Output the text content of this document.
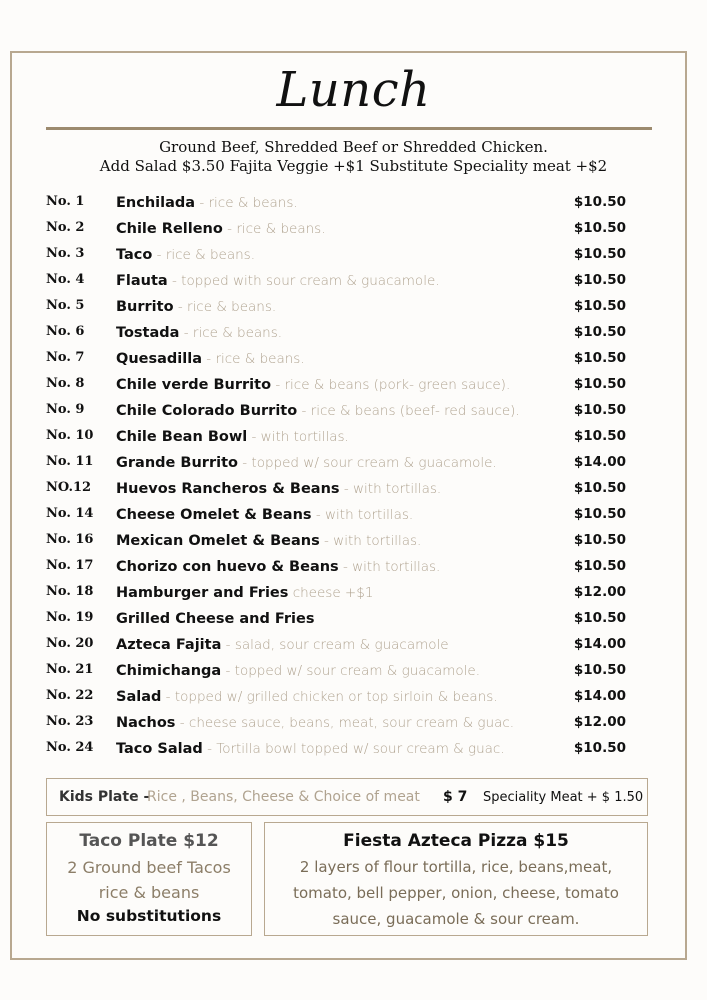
Lunch
Ground Beef, Shredded Beef or Shredded Chicken.
Add Salad $3.50 Fajita Veggie +$1 Substitute Speciality meat +$2
No. 1 Enchilada - rice & beans.	$10.50
No. 2 Chile Relleno - rice & beans.	$10.50
No. 3 Taco - rice & beans.	$10.50
No. 4 Flauta - topped with sour cream & guacamole.	$10.50
No. 5 Burrito - rice & beans.	$10.50
No. 6 Tostada - rice & beans.	$10.50
No. 7 Quesadilla - rice & beans.	$10.50
No. 8 Chile verde Burrito - rice & beans (pork- green sauce).	$10.50
No. 9 Chile Colorado Burrito - rice & beans (beef- red sauce).	$10.50
No. 10 Chile Bean Bowl - with tortillas.	$10.50
No. 11 Grande Burrito - topped w/ sour cream & guacamole.	$14.00
NO.12 Huevos Rancheros & Beans - with tortillas.	$10.50
No. 14 Cheese Omelet & Beans - with tortillas.	$10.50
No. 16 Mexican Omelet & Beans - with tortillas.	$10.50
No. 17 Chorizo con huevo & Beans - with tortillas.	$10.50
No. 18 Hamburger and Fries cheese +$1	$12.00
No. 19 Grilled Cheese and Fries	$10.50
No. 20 Azteca Fajita - salad, sour cream & guacamole	$14.00
No. 21 Chimichanga - topped w/ sour cream & guacamole.	$10.50
No. 22 Salad - topped w/ grilled chicken or top sirloin & beans.	$14.00
No. 23 Nachos - cheese sauce, beans, meat, sour cream & guac.	$12.00
No. 24 Taco Salad - Tortilla bowl topped w/ sour cream & guac.	$10.50
Kids Plate -
Rice , Beans, Cheese & Choice of meat $ 7 Speciality Meat + $ 1.50
Taco Plate $12
2 Ground beef Tacos
rice & beans
No substitutions
Fiesta Azteca Pizza $15
2 layers of flour tortilla, rice, beans,meat,
tomato, bell pepper, onion, cheese, tomato
sauce, guacamole & sour cream.
